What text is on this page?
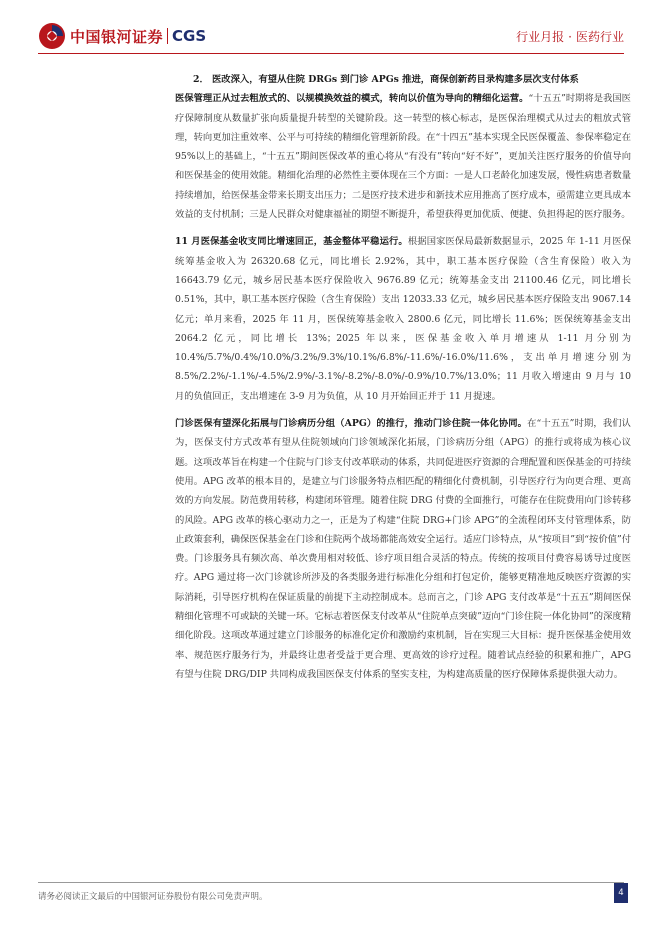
中国银河证券 CGS	行业月报 · 医药行业

2． 医改深入，有望从住院 DRGs 到门诊 APGs 推进，商保创新药目录构建多层次支付体系

医保管理正从过去粗放式的、以规模换效益的模式，转向以价值为导向的精细化运营。“十五五”时期将是我国医疗保障制度从数量扩张向质量提升转型的关键阶段。这一转型的核心标志，是医保治理模式从过去的粗放式管理，转向更加注重效率、公平与可持续的精细化管理新阶段。在“十四五”基本实现全民医保覆盖、参保率稳定在 95%以上的基础上，“十五五”期间医保改革的重心将从“有没有”转向“好不好”，更加关注医疗服务的价值导向和医保基金的使用效能。精细化治理的必然性主要体现在三个方面：一是人口老龄化加速发展，慢性病患者数量持续增加，给医保基金带来长期支出压力；二是医疗技术进步和新技术应用推高了医疗成本，亟需建立更具成本效益的支付机制；三是人民群众对健康福祉的期望不断提升，希望获得更加优质、便捷、负担得起的医疗服务。

11 月医保基金收支同比增速回正，基金整体平稳运行。根据国家医保局最新数据显示，2025 年 1-11 月医保统筹基金收入为 26320.68 亿元，同比增长 2.92%，其中，职工基本医疗保险（含生育保险）收入为 16643.79 亿元，城乡居民基本医疗保险收入 9676.89 亿元；统筹基金支出 21100.46 亿元，同比增长 0.51%，其中，职工基本医疗保险（含生育保险）支出 12033.33 亿元，城乡居民基本医疗保险支出 9067.14 亿元；单月来看，2025 年 11 月，医保统筹基金收入 2800.6 亿元，同比增长 11.6%；医保统筹基金支出 2064.2 亿元，同比增长 13%；2025 年以来，医保基金收入单月增速从 1-11 月分别为 10.4%/5.7%/0.4%/10.0%/3.2%/9.3%/10.1%/6.8%/-11.6%/-16.0%/11.6%，支出单月增速分别为 8.5%/2.2%/-1.1%/-4.5%/2.9%/-3.1%/-8.2%/-8.0%/-0.9%/10.7%/13.0%；11 月收入增速由 9 月与 10 月的负值回正，支出增速在 3-9 月为负值，从 10 月开始回正并于 11 月提速。

门诊医保有望深化拓展与门诊病历分组（APG）的推行，推动门诊住院一体化协同。在“十五五”时期，我们认为，医保支付方式改革有望从住院领域向门诊领域深化拓展，门诊病历分组（APG）的推行或将成为核心议题。这项改革旨在构建一个住院与门诊支付改革联动的体系，共同促进医疗资源的合理配置和医保基金的可持续使用。APG 改革的根本目的，是建立与门诊服务特点相匹配的精细化付费机制，引导医疗行为向更合理、更高效的方向发展。防范费用转移，构建闭环管理。随着住院 DRG 付费的全面推行，可能存在住院费用向门诊转移的风险。APG 改革的核心驱动力之一，正是为了构建“住院 DRG+门诊 APG”的全流程闭环支付管理体系，防止政策套利，确保医保基金在门诊和住院两个战场都能高效安全运行。适应门诊特点，从“按项目”到“按价值”付费。门诊服务具有频次高、单次费用相对较低、诊疗项目组合灵活的特点。传统的按项目付费容易诱导过度医疗。APG 通过将一次门诊就诊所涉及的各类服务进行标准化分组和打包定价，能够更精准地反映医疗资源的实际消耗，引导医疗机构在保证质量的前提下主动控制成本。总而言之，门诊 APG 支付改革是“十五五”期间医保精细化管理不可或缺的关键一环。它标志着医保支付改革从“住院单点突破”迈向“门诊住院一体化协同”的深度精细化阶段。这项改革通过建立门诊服务的标准化定价和激励约束机制，旨在实现三大目标：提升医保基金使用效率、规范医疗服务行为，并最终让患者受益于更合理、更高效的诊疗过程。随着试点经验的积累和推广，APG 有望与住院 DRG/DIP 共同构成我国医保支付体系的坚实支柱，为构建高质量的医疗保障体系提供强大动力。

请务必阅读正文最后的中国银河证券股份有限公司免责声明。	4
